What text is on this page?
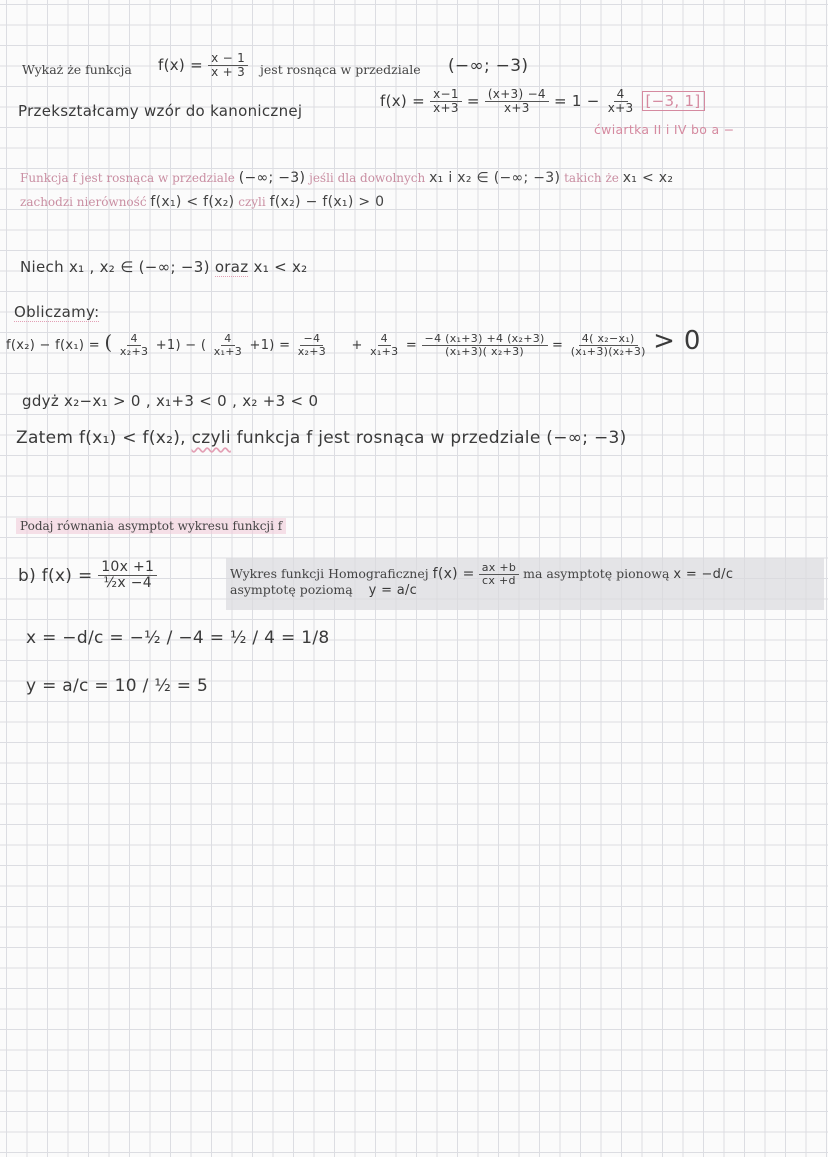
Wykaż że funkcja $f(x) = \frac{x - 1}{x + 3}$ jest rosnąca w przedziale (−∞; −3)
Przekształcamy wzór do kanonicznej
$f(x) = \frac{x-1}{x+3} = \frac{(x+3) -4}{x+3} = 1 - \frac{4}{x+3} [-3$, 1]
ćwiartka II i IV bo a −
Funkcja f jest rosnąca w przedziale (−∞; −3) jeśli dla dowolnych x₁ i x₂ ∈ (−∞; −3) takich że x₁ < x₂
zachodzi nierówność f(x₁) < f(x₂) czyli f(x₂) − f(x₁) > 0
Niech x₁ , x₂ ∈ (−∞; −3) oraz x₁ < x₂
Obliczamy:
f(x₂) − f(x₁) = ( $\frac{4}{\text{x₂+3}} +1$) − ( $\frac{4}{\text{x₁+3}} +1) = \frac{-4}{\text{x₂+3}} + \frac{4}{\text{x₁+3}} = \frac{\text{−4 (x₁+3) +4 (x₂+3)}}{\text{(x₁+3)( x₂+3)}} = \frac{\text{4( x₂−x₁)}}{\text{(x₁+3)(x₂+3)}} > 0$
gdyż x₂−x₁ > 0 , x₁+3 < 0 , x₂ +3 < 0
Zatem f(x₁) < f(x₂), czyli funkcja f jest rosnąca w przedziale (−∞; −3)
Podaj równania asymptot wykresu funkcji f
b) $f(x) = \frac{10x +1}{\text{½x −4}}$	Wykres funkcji Homograficznej $f(x) = \frac{ax +b}{cx +d}$ ma asymptotę pionową x = −d/c
asymptotę poziomą y = a/c
x = −d/c = −½ / −4 = ½ / 4 = 1/8
y = a/c = 10 / ½ = 5
